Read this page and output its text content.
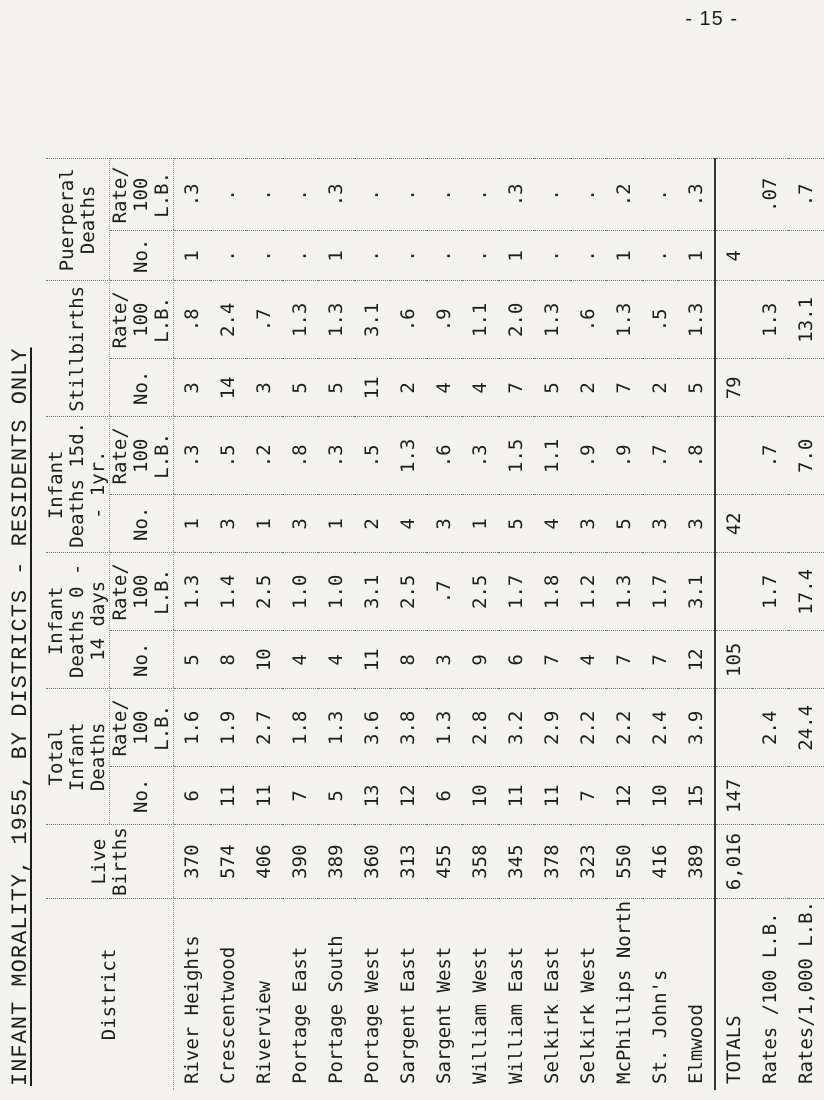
- 15 -
INFANT MORALITY, 1955, BY DISTRICTS - RESIDENTS ONLY	District	Live Births	Total Infant Deaths		Infant Deaths 0 - 14 days		Infant Deaths 15d. - 1yr.		Stillbirths		Puerperal Deaths	
		No.	Rate/ 100 L.B.	No.	Rate/ 100 L.B.	No.	Rate/ 100 L.B.	No.	Rate/ 100 L.B.	No.	Rate/ 100 L.B.
River Heights	370	6	1.6	5	1.3	1	.3	3	.8	1	.3
Crescentwood	574	11	1.9	8	1.4	3	.5	14	2.4	.	.
Riverview	406	11	2.7	10	2.5	1	.2	3	.7	.	.
Portage East	390	7	1.8	4	1.0	3	.8	5	1.3	.	.
Portage South	389	5	1.3	4	1.0	1	.3	5	1.3	1	.3
Portage West	360	13	3.6	11	3.1	2	.5	11	3.1	.	.
Sargent East	313	12	3.8	8	2.5	4	1.3	2	.6	.	.
Sargent West	455	6	1.3	3	.7	3	.6	4	.9	.	.
William West	358	10	2.8	9	2.5	1	.3	4	1.1	.	.
William East	345	11	3.2	6	1.7	5	1.5	7	2.0	1	.3
Selkirk East	378	11	2.9	7	1.8	4	1.1	5	1.3	.	.
Selkirk West	323	7	2.2	4	1.2	3	.9	2	.6	.	.
McPhillips North	550	12	2.2	7	1.3	5	.9	7	1.3	1	.2
St. John's	416	10	2.4	7	1.7	3	.7	2	.5	.	.
Elmwood	389	15	3.9	12	3.1	3	.8	5	1.3	1	.3
TOTALS	6,016	147		105		42		79		4	
Rates /100 L.B.			2.4		1.7		.7		1.3		.07
Rates/1,000 L.B.			24.4		17.4		7.0		13.1		.7
